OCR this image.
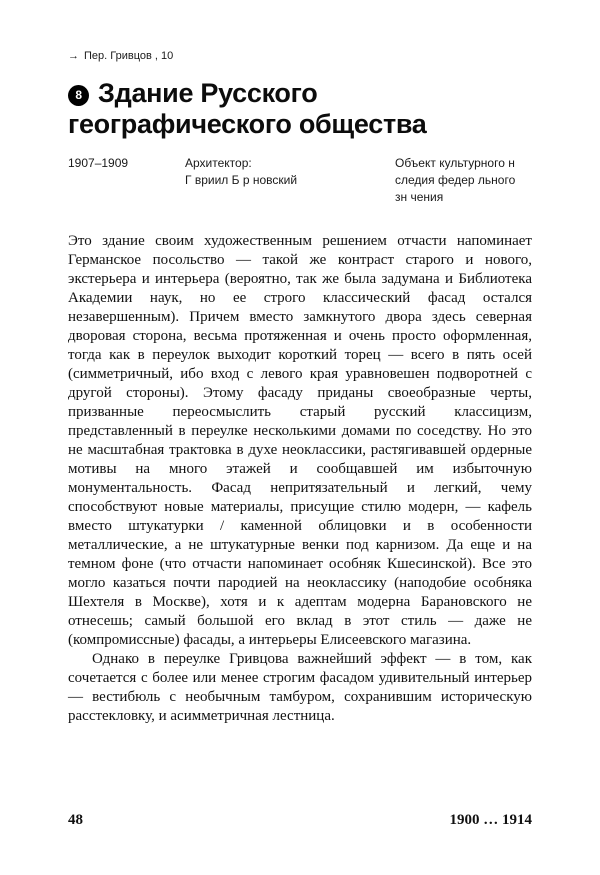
→ Пер. Гривцов , 10
8 Здание Русского географического общества
1907–1909	Архитектор:
Г вриил Б р новский
Объект культурного н следия федер льного зн чения

Это здание своим художественным решением отчасти напоминает Германское посольство — такой же контраст старого и нового, экстерьера и интерьера (вероятно, так же была задумана и Библиотека Академии наук, но ее строго классический фасад остался незавершенным). Причем вместо замкнутого двора здесь северная дворовая сторона, весьма протяженная и очень просто оформленная, тогда как в переулок выходит короткий торец — всего в пять осей (симметричный, ибо вход с левого края уравновешен подворотней с другой стороны). Этому фасаду приданы своеобразные черты, призванные переосмыслить старый русский классицизм, представленный в переулке несколькими домами по соседству. Но это не масштабная трактовка в духе неоклассики, растягивавшей ордерные мотивы на много этажей и сообщавшей им избыточную монументальность. Фасад непритязательный и легкий, чему способствуют новые материалы, присущие стилю модерн, — кафель вместо штукатурки / каменной облицовки и в особенности металлические, а не штукатурные венки под карнизом. Да еще и на темном фоне (что отчасти напоминает особняк Кшесинской). Все это могло казаться почти пародией на неоклассику (наподобие особняка Шехтеля в Москве), хотя и к адептам модерна Барановского не отнесешь; самый большой его вклад в этот стиль — даже не (компромиссные) фасады, а интерьеры Елисеевского магазина.

Однако в переулке Гривцова важнейший эффект — в том, как сочетается с более или менее строгим фасадом удивительный интерьер — вестибюль с необычным тамбуром, сохранившим историческую расстекловку, и асимметричная лестница.

48	1900 … 1914
